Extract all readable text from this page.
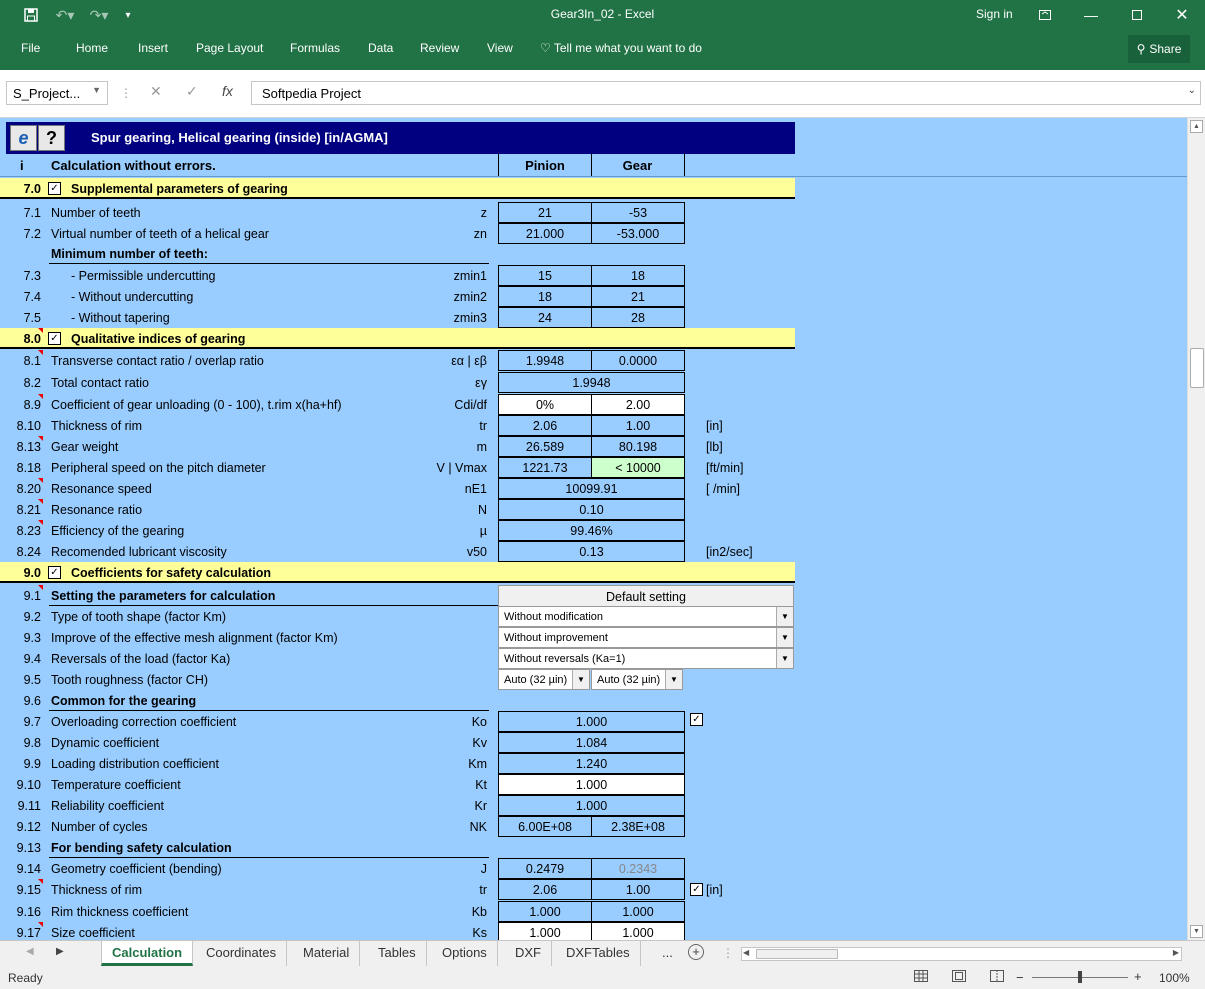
↶▾	↷▾	▾	Gear3In_02 - Excel	Sign in	—	✕
File	Home Insert Page Layout Formulas Data Review View ♡ Tell me what you want to do	⚲ Share
S_Project... ▼ ⋮ ✕ ✓ fx	Softpedia Project	⌄
e ?	Spur gearing, Helical gearing (inside) [in/AGMA]
i Calculation without errors.	Pinion	Gear
7.0 ✓ Supplemental parameters of gearing
7.1 Number of teeth	z	21	-53
7.2 Virtual number of teeth of a helical gear	zn	21.000	-53.000
Minimum number of teeth:
7.3 - Permissible undercutting	zmin1	15	18
7.4 - Without undercutting	zmin2	18	21
7.5 - Without tapering	zmin3	24	28
8.0 ✓ Qualitative indices of gearing
8.1 Transverse contact ratio / overlap ratio	εα | εβ	1.9948	0.0000
8.2 Total contact ratio	εγ	1.9948
8.9 Coefficient of gear unloading (0 - 100), t.rim x(ha+hf)	Cdi/df	0%	2.00
8.10 Thickness of rim	tr	2.06	1.00	[in]
8.13 Gear weight	m	26.589	80.198	[lb]
8.18 Peripheral speed on the pitch diameter	V | Vmax	1221.73	< 10000	[ft/min]
8.20 Resonance speed	nE1	10099.91	[ /min]
8.21 Resonance ratio	N	0.10
8.23 Efficiency of the gearing	µ	99.46%
8.24 Recomended lubricant viscosity	v50	0.13	[in2/sec]
9.0 ✓ Coefficients for safety calculation
9.1 Setting the parameters for calculation	Default setting
9.2 Type of tooth shape (factor Km)	Without modification	▼
9.3 Improve of the effective mesh alignment (factor Km)	Without improvement	▼
9.4 Reversals of the load (factor Ka)	Without reversals (Ka=1)	▼
9.5 Tooth roughness (factor CH)	Auto (32 µin)	▼	Auto (32 µin)	▼
9.6 Common for the gearing
9.7 Overloading correction coefficient	Ko	1.000	✓
9.8 Dynamic coefficient	Kv	1.084
9.9 Loading distribution coefficient	Km	1.240
9.10 Temperature coefficient	Kt	1.000
9.11 Reliability coefficient	Kr	1.000
9.12 Number of cycles	NK	6.00E+08	2.38E+08
9.13 For bending safety calculation
9.14 Geometry coefficient (bending)	J	0.2479	0.2343
9.15 Thickness of rim	tr	2.06	1.00	✓ [in]
9.16 Rim thickness coefficient	Kb	1.000	1.000
9.17 Size coefficient	Ks	1.000	1.000
▲
▼
◀ ▶	Calculation	Coordinates	Material	Tables	Options	DXF	DXFTables	...	+	⋮ ◀	▶
Ready	−	+ 100%
